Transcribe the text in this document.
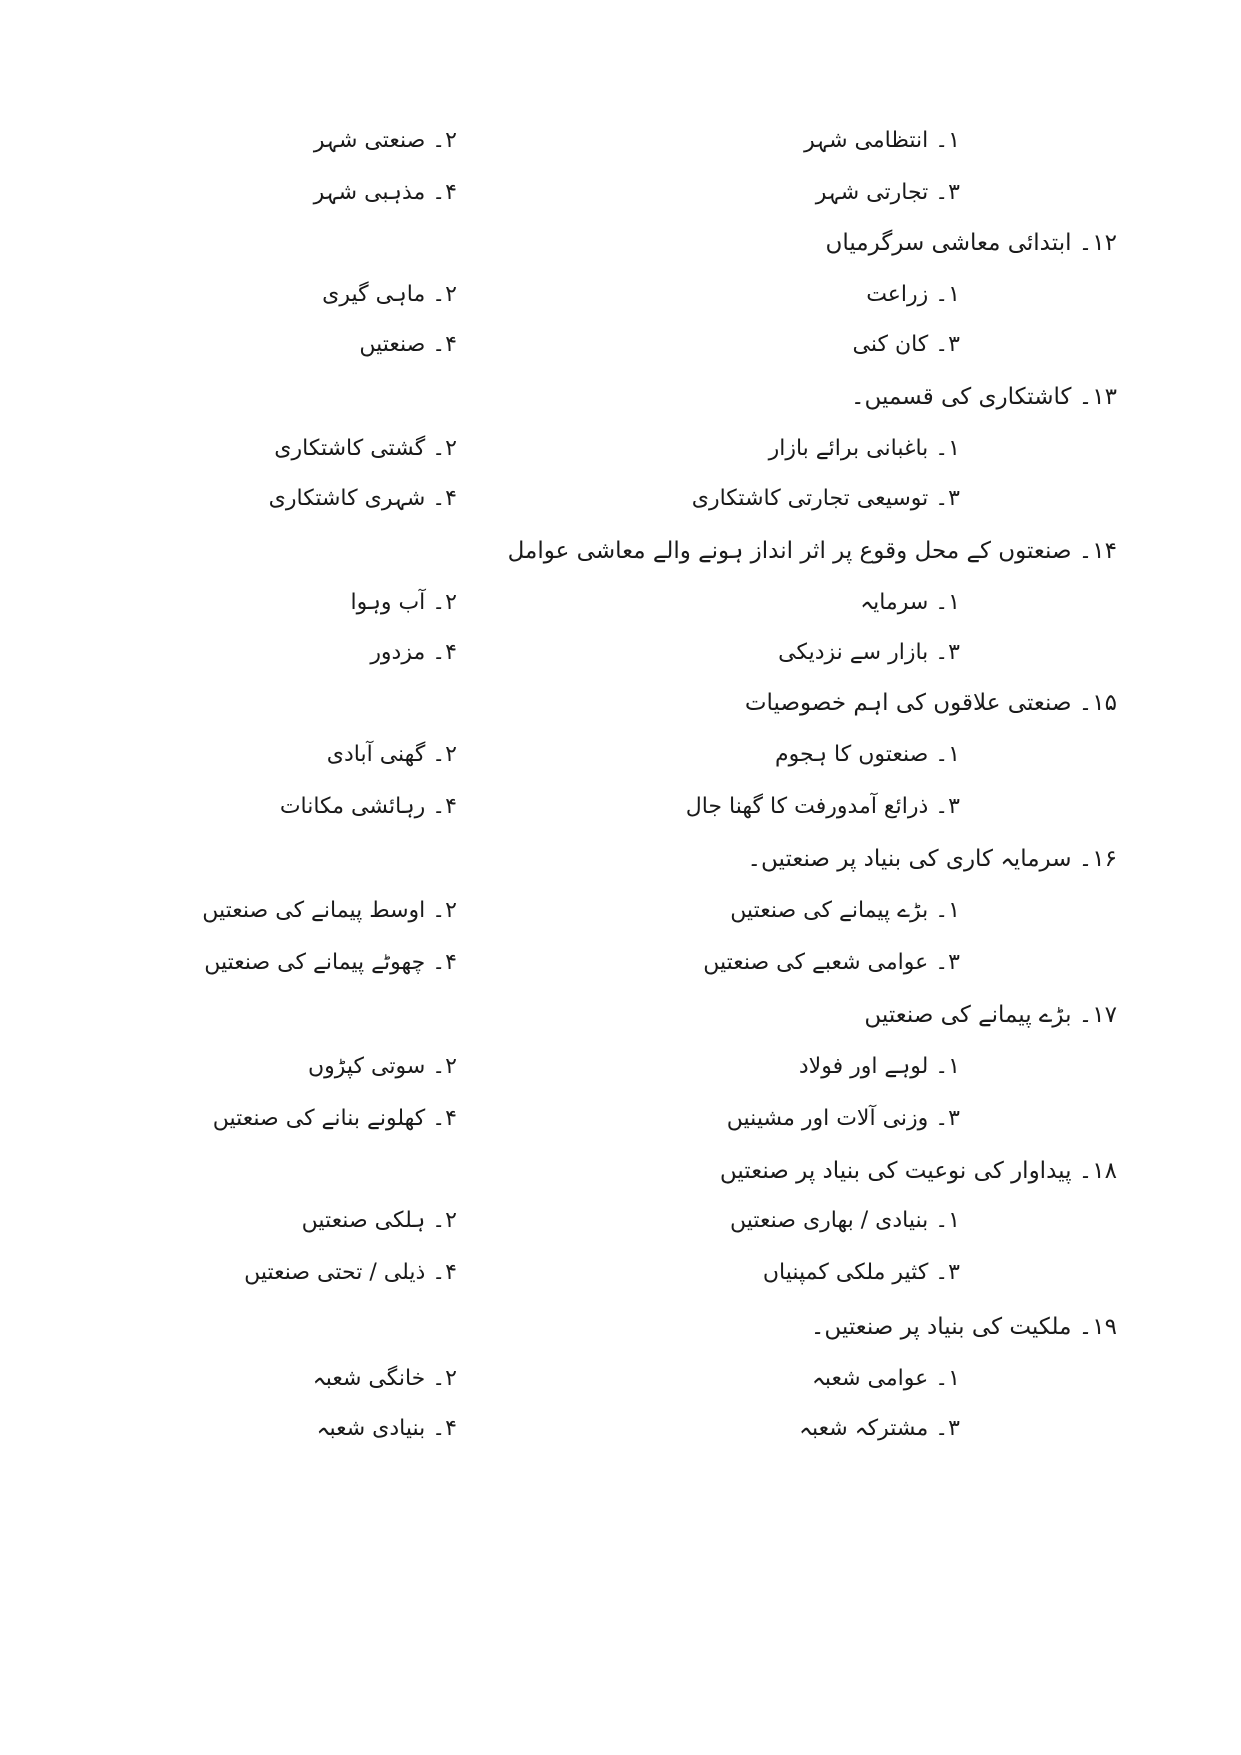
۱۔ انتظامی شہر
۲۔ صنعتی شہر
۳۔ تجارتی شہر
۴۔ مذہبی شہر
۱۲۔ ابتدائی معاشی سرگرمیاں
۱۔ زراعت
۲۔ ماہی گیری
۳۔ کان کنی
۴۔ صنعتیں
۱۳۔ کاشتکاری کی قسمیں۔
۱۔ باغبانی برائے بازار
۲۔ گشتی کاشتکاری
۳۔ توسیعی تجارتی کاشتکاری
۴۔ شہری کاشتکاری
۱۴۔ صنعتوں کے محل وقوع پر اثر انداز ہونے والے معاشی عوامل
۱۔ سرمایہ
۲۔ آب وہوا
۳۔ بازار سے نزدیکی
۴۔ مزدور
۱۵۔ صنعتی علاقوں کی اہم خصوصیات
۱۔ صنعتوں کا ہجوم
۲۔ گھنی آبادی
۳۔ ذرائع آمدورفت کا گھنا جال
۴۔ رہائشی مکانات
۱۶۔ سرمایہ کاری کی بنیاد پر صنعتیں۔
۱۔ بڑے پیمانے کی صنعتیں
۲۔ اوسط پیمانے کی صنعتیں
۳۔ عوامی شعبے کی صنعتیں
۴۔ چھوٹے پیمانے کی صنعتیں
۱۷۔ بڑے پیمانے کی صنعتیں
۱۔ لوہے اور فولاد
۲۔ سوتی کپڑوں
۳۔ وزنی آلات اور مشینیں
۴۔ کھلونے بنانے کی صنعتیں
۱۸۔ پیداوار کی نوعیت کی بنیاد پر صنعتیں
۱۔ بنیادی / بھاری صنعتیں
۲۔ ہلکی صنعتیں
۳۔ کثیر ملکی کمپنیاں
۴۔ ذیلی / تحتی صنعتیں
۱۹۔ ملکیت کی بنیاد پر صنعتیں۔
۱۔ عوامی شعبہ
۲۔ خانگی شعبہ
۳۔ مشترکہ شعبہ
۴۔ بنیادی شعبہ
